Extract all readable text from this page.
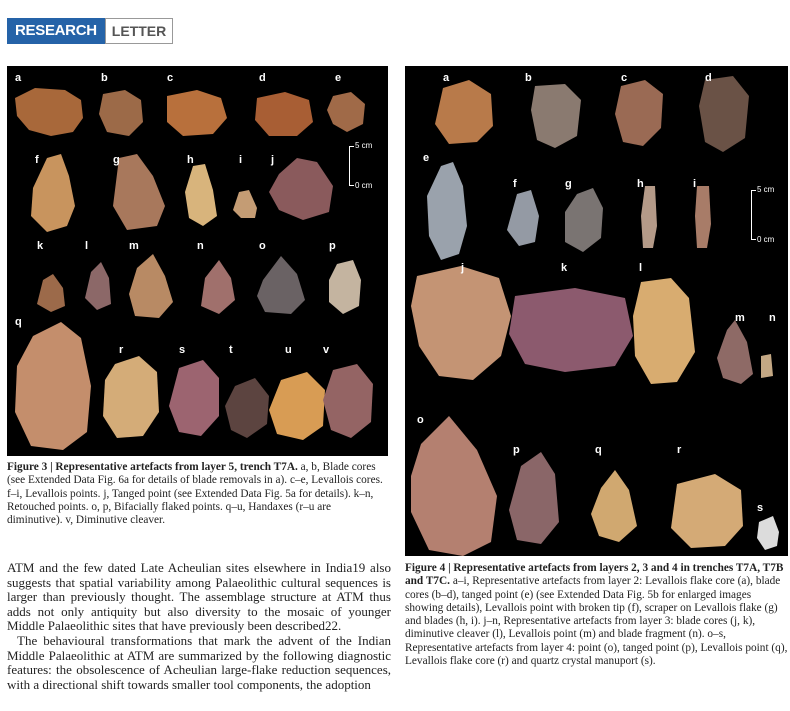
RESEARCH	LETTER
a	b	c	d	e
f	g	h	i	j
k	l	m	n	o	p
q
r	s	t	u	v
5 cm
0 cm
Figure 3 | Representative artefacts from layer 5, trench T7A. a, b, Blade cores (see Extended Data Fig. 6a for details of blade removals in a). c–e, Levallois cores. f–i, Levallois points. j, Tanged point (see Extended Data Fig. 5a for details). k–n, Retouched points. o, p, Bifacially flaked points. q–u, Handaxes (r–u are diminutive). v, Diminutive cleaver.
a	b	c	d
e
f	g	h	i
j	k	l
m n
o
p	q	r
s
5 cm
0 cm
Figure 4 | Representative artefacts from layers 2, 3 and 4 in trenches T7A, T7B and T7C. a–i, Representative artefacts from layer 2: Levallois flake core (a), blade cores (b–d), tanged point (e) (see Extended Data Fig. 5b for enlarged images showing details), Levallois point with broken tip (f), scraper on Levallois flake (g) and blades (h, i). j–n, Representative artefacts from layer 3: blade cores (j, k), diminutive cleaver (l), Levallois point (m) and blade fragment (n). o–s, Representative artefacts from layer 4: point (o), tanged point (p), Levallois point (q), Levallois flake core (r) and quartz crystal manuport (s).

ATM and the few dated Late Acheulian sites elsewhere in India19 also suggests that spatial variability among Palaeolithic cultural sequences is larger than previously thought. The assemblage structure at ATM thus adds not only antiquity but also diversity to the mosaic of younger Middle Palaeolithic sites that have previously been described22.

The behavioural transformations that mark the advent of the Indian Middle Palaeolithic at ATM are summarized by the following diagnostic features: the obsolescence of Acheulian large-flake reduction sequences, with a directional shift towards smaller tool components, the adoption
